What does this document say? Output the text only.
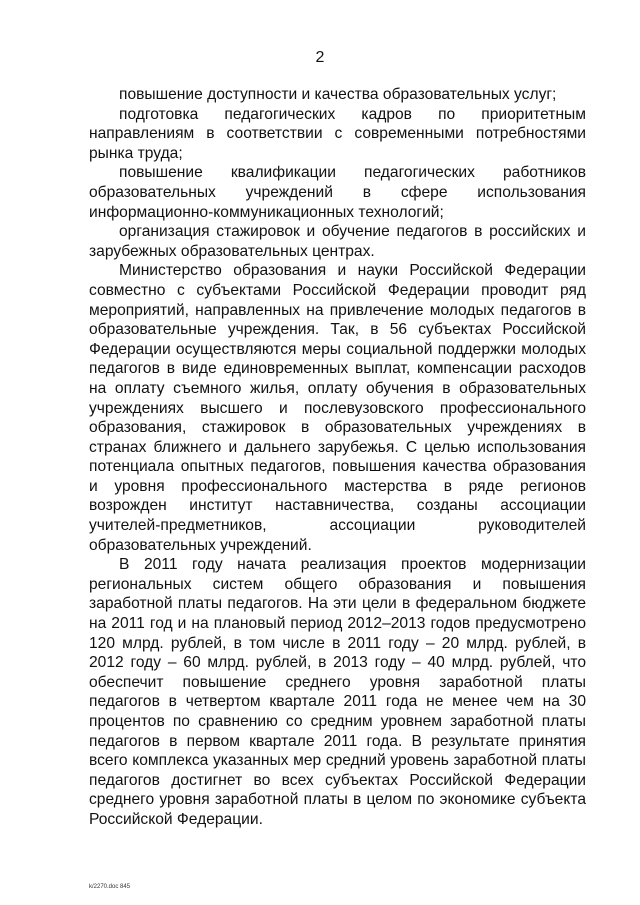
2

повышение доступности и качества образовательных услуг;

подготовка педагогических кадров по приоритетным направлениям в соответствии с современными потребностями рынка труда;

повышение квалификации педагогических работников образовательных учреждений в сфере использования информационно-коммуникационных технологий;

организация стажировок и обучение педагогов в российских и зарубежных образовательных центрах.

Министерство образования и науки Российской Федерации совместно с субъектами Российской Федерации проводит ряд мероприятий, направленных на привлечение молодых педагогов в образовательные учреждения. Так, в 56 субъектах Российской Федерации осуществляются меры социальной поддержки молодых педагогов в виде единовременных выплат, компенсации расходов на оплату съемного жилья, оплату обучения в образовательных учреждениях высшего и послевузовского профессионального образования, стажировок в образовательных учреждениях в странах ближнего и дальнего зарубежья. С целью использования потенциала опытных педагогов, повышения качества образования и уровня профессионального мастерства в ряде регионов возрожден институт наставничества, созданы ассоциации учителей-предметников, ассоциации руководителей образовательных учреждений.

В 2011 году начата реализация проектов модернизации региональных систем общего образования и повышения заработной платы педагогов. На эти цели в федеральном бюджете на 2011 год и на плановый период 2012–2013 годов предусмотрено 120 млрд. рублей, в том числе в 2011 году – 20 млрд. рублей, в 2012 году – 60 млрд. рублей, в 2013 году – 40 млрд. рублей, что обеспечит повышение среднего уровня заработной платы педагогов в четвертом квартале 2011 года не менее чем на 30 процентов по сравнению со средним уровнем заработной платы педагогов в первом квартале 2011 года. В результате принятия всего комплекса указанных мер средний уровень заработной платы педагогов достигнет во всех субъектах Российской Федерации среднего уровня заработной платы в целом по экономике субъекта Российской Федерации.

k/2270.doc 845
